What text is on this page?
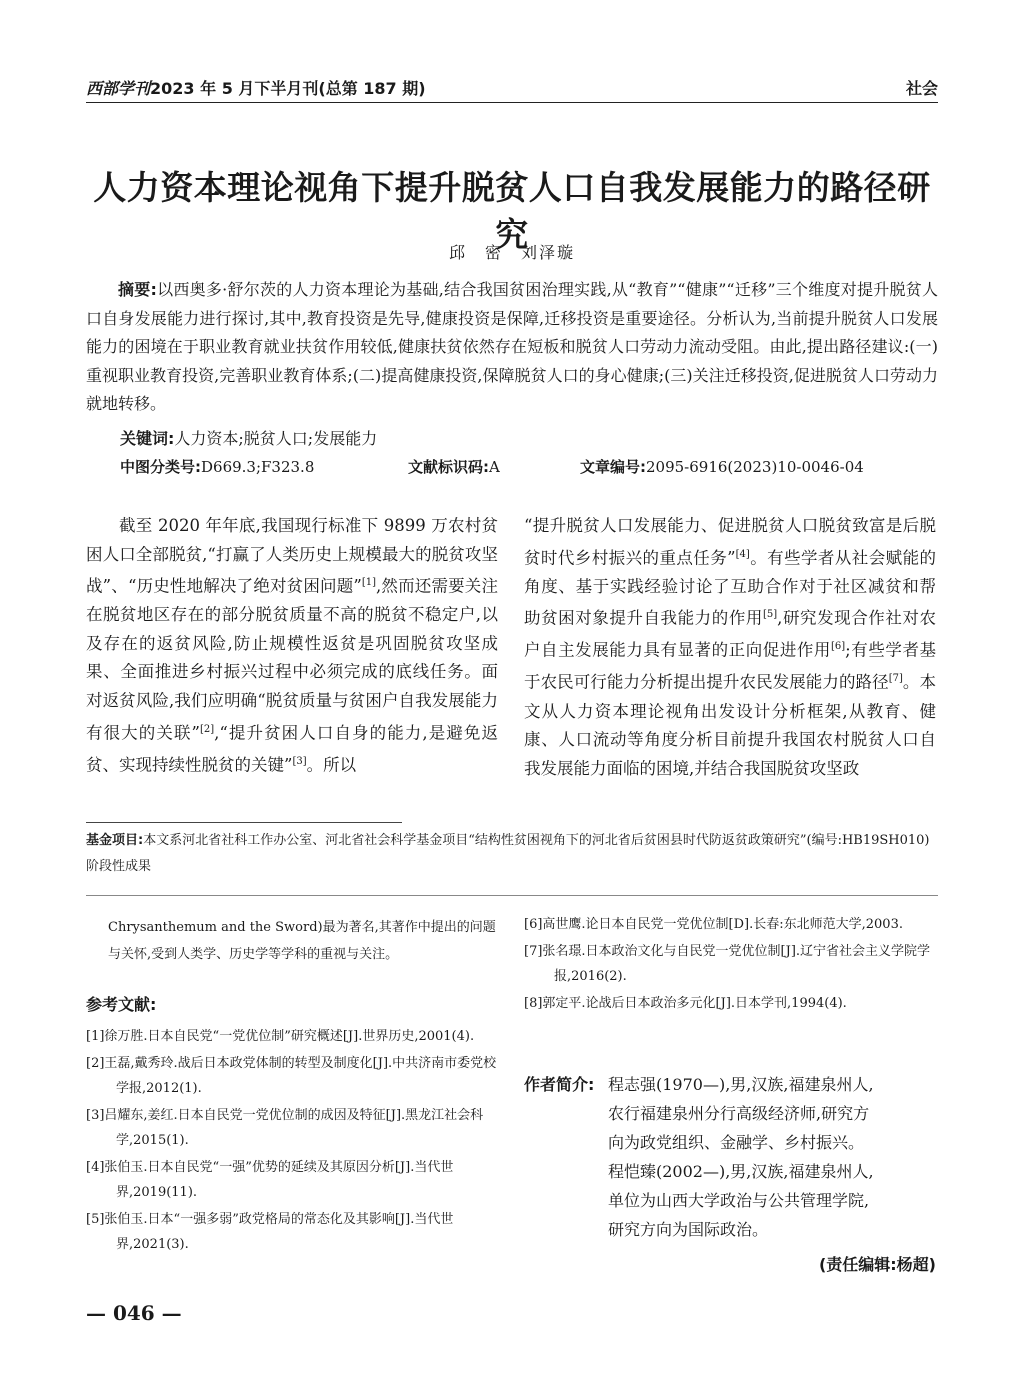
西部学刊2023 年 5 月下半月刊(总第 187 期)	社会
人力资本理论视角下提升脱贫人口自我发展能力的路径研究
邱　密　刘泽璇

摘要:以西奥多·舒尔茨的人力资本理论为基础,结合我国贫困治理实践,从“教育”“健康”“迁移”三个维度对提升脱贫人口自身发展能力进行探讨,其中,教育投资是先导,健康投资是保障,迁移投资是重要途径。分析认为,当前提升脱贫人口发展能力的困境在于职业教育就业扶贫作用较低,健康扶贫依然存在短板和脱贫人口劳动力流动受阻。由此,提出路径建议:(一)重视职业教育投资,完善职业教育体系;(二)提高健康投资,保障脱贫人口的身心健康;(三)关注迁移投资,促进脱贫人口劳动力就地转移。

关键词:人力资本;脱贫人口;发展能力
中图分类号:D669.3;F323.8	文献标识码:A	文章编号:2095-6916(2023)10-0046-04

截至 2020 年年底,我国现行标准下 9899 万农村贫困人口全部脱贫,“打赢了人类历史上规模最大的脱贫攻坚战”、“历史性地解决了绝对贫困问题”[1],然而还需要关注在脱贫地区存在的部分脱贫质量不高的脱贫不稳定户,以及存在的返贫风险,防止规模性返贫是巩固脱贫攻坚成果、全面推进乡村振兴过程中必须完成的底线任务。面对返贫风险,我们应明确“脱贫质量与贫困户自我发展能力有很大的关联”[2],“提升贫困人口自身的能力,是避免返贫、实现持续性脱贫的关键”[3]。所以

“提升脱贫人口发展能力、促进脱贫人口脱贫致富是后脱贫时代乡村振兴的重点任务”[4]。有些学者从社会赋能的角度、基于实践经验讨论了互助合作对于社区减贫和帮助贫困对象提升自我能力的作用[5],研究发现合作社对农户自主发展能力具有显著的正向促进作用[6];有些学者基于农民可行能力分析提出提升农民发展能力的路径[7]。本文从人力资本理论视角出发设计分析框架,从教育、健康、人口流动等角度分析目前提升我国农村脱贫人口自我发展能力面临的困境,并结合我国脱贫攻坚政

基金项目:本文系河北省社科工作办公室、河北省社会科学基金项目“结构性贫困视角下的河北省后贫困县时代防返贫政策研究”(编号:HB19SH010)阶段性成果
Chrysanthemum and the Sword)最为著名,其著作中提出的问题与关怀,受到人类学、历史学等学科的重视与关注。
参考文献:

[1]徐万胜.日本自民党“一党优位制”研究概述[J].世界历史,2001(4).

[2]王磊,戴秀玲.战后日本政党体制的转型及制度化[J].中共济南市委党校学报,2012(1).

[3]吕耀东,姜红.日本自民党一党优位制的成因及特征[J].黑龙江社会科学,2015(1).

[4]张伯玉.日本自民党“一强”优势的延续及其原因分析[J].当代世界,2019(11).

[5]张伯玉.日本“一强多弱”政党格局的常态化及其影响[J].当代世界,2021(3).

[6]高世鹰.论日本自民党一党优位制[D].长春:东北师范大学,2003.

[7]张名璟.日本政治文化与自民党一党优位制[J].辽宁省社会主义学院学报,2016(2).

[8]郭定平.论战后日本政治多元化[J].日本学刊,1994(4).

作者简介: 程志强(1970—),男,汉族,福建泉州人,

农行福建泉州分行高级经济师,研究方

向为政党组织、金融学、乡村振兴。

程恺臻(2002—),男,汉族,福建泉州人,

单位为山西大学政治与公共管理学院,

研究方向为国际政治。

(责任编辑:杨超)
— 046 —
